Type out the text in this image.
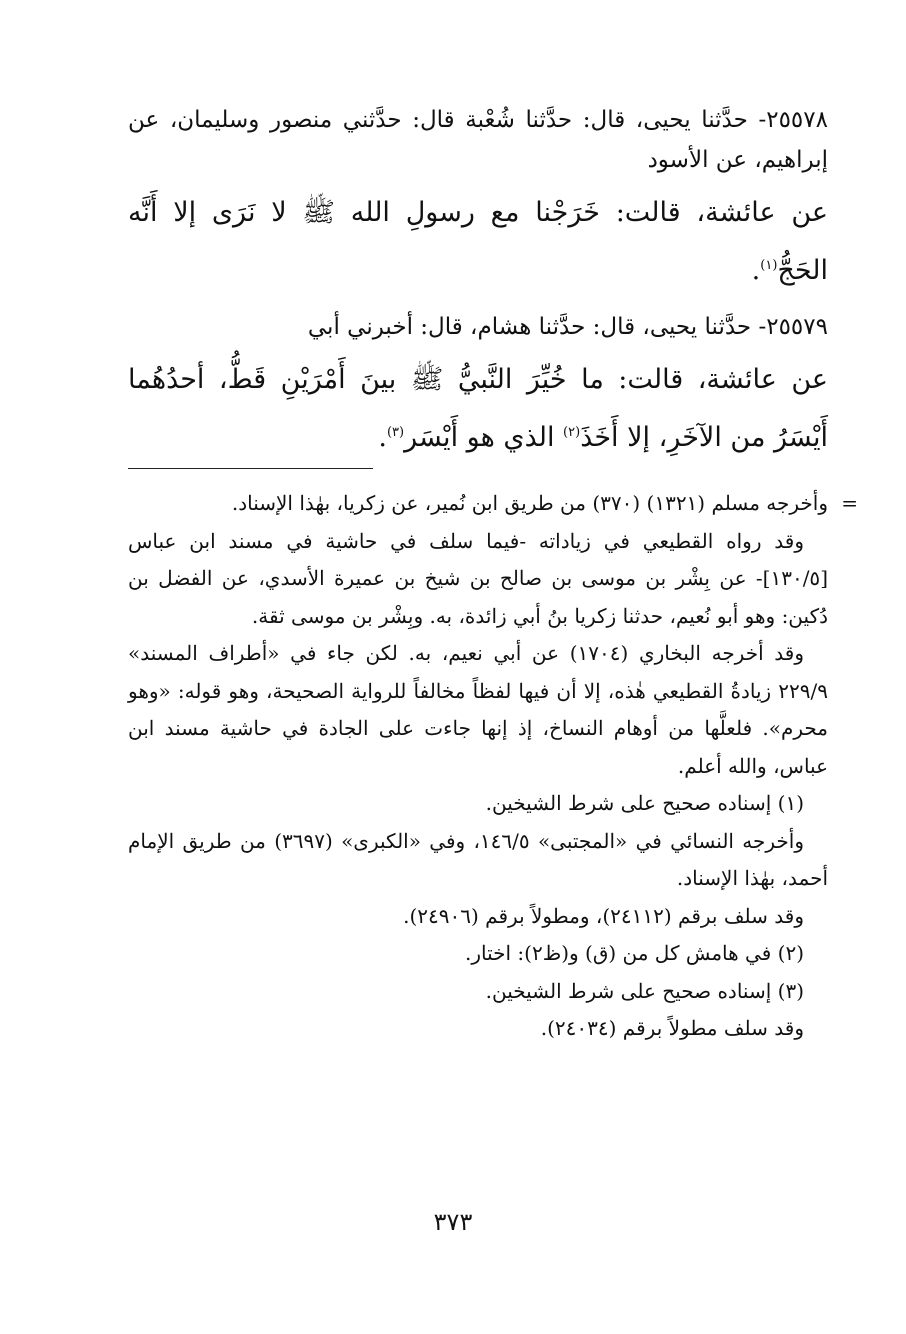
٢٥٥٧٨- حدَّثنا يحيى، قال: حدَّثنا شُعْبة قال: حدَّثني منصور وسليمان، عن إبراهيم، عن الأسود

عن عائشة، قالت: خَرَجْنا مع رسولِ الله ﷺ لا نَرَى إلا أَنَّه الحَجُّ$^{(١)}$.

٢٥٥٧٩- حدَّثنا يحيى، قال: حدَّثنا هشام، قال: أخبرني أبي

عن عائشة، قالت: ما خُيِّرَ النَّبيُّ ﷺ بينَ أَمْرَيْنِ قَطُّ، أحدُهُما أَيْسَرُ من الآخَرِ، إلا أَخَذَ$^{(٢)}$ الذي هو أَيْسَر$^{(٣)}$.

=
وأخرجه مسلم (١٣٢١) (٣٧٠) من طريق ابن نُمير، عن زكريا، بهٰذا الإسناد.

وقد رواه القطيعي في زياداته -فيما سلف في حاشية في مسند ابن عباس [١٣٠/٥]- عن بِشْر بن موسى بن صالح بن شيخ بن عميرة الأسدي، عن الفضل بن دُكين: وهو أبو نُعيم، حدثنا زكريا بنُ أبي زائدة، به. وبِشْر بن موسى ثقة.

وقد أخرجه البخاري (١٧٠٤) عن أبي نعيم، به. لكن جاء في «أطراف المسند» ٢٢٩/٩ زيادةُ القطيعي هٰذه، إلا أن فيها لفظاً مخالفاً للرواية الصحيحة، وهو قوله: «وهو محرم». فلعلَّها من أوهام النساخ، إذ إنها جاءت على الجادة في حاشية مسند ابن عباس، والله أعلم.

(١) إسناده صحيح على شرط الشيخين.

وأخرجه النسائي في «المجتبى» ١٤٦/٥، وفي «الكبرى» (٣٦٩٧) من طريق الإمام أحمد، بهٰذا الإسناد.

وقد سلف برقم (٢٤١١٢)، ومطولاً برقم (٢٤٩٠٦).

(٢) في هامش كل من (ق) و(ظ٢): اختار.

(٣) إسناده صحيح على شرط الشيخين.

وقد سلف مطولاً برقم (٢٤٠٣٤).

٣٧٣
